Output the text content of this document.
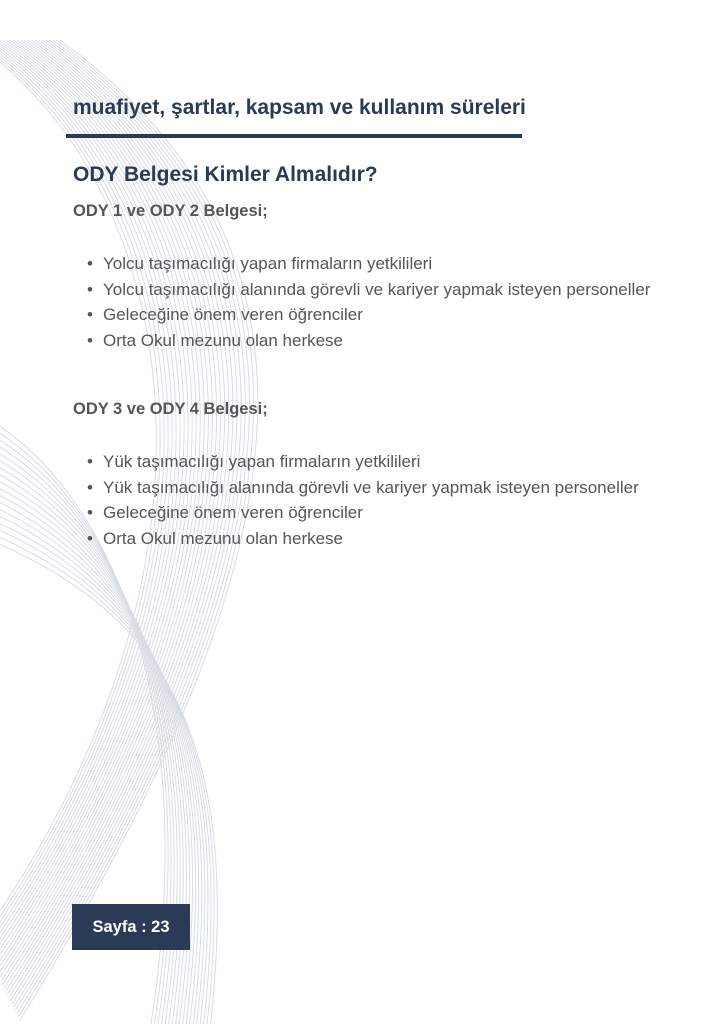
muafiyet, şartlar, kapsam ve kullanım süreleri
ODY Belgesi Kimler Almalıdır?
ODY 1 ve ODY 2 Belgesi;
• Yolcu taşımacılığı yapan firmaların yetkilileri
• Yolcu taşımacılığı alanında görevli ve kariyer yapmak isteyen personeller
• Geleceğine önem veren öğrenciler
• Orta Okul mezunu olan herkese
ODY 3 ve ODY 4 Belgesi;
• Yük taşımacılığı yapan firmaların yetkilileri
• Yük taşımacılığı alanında görevli ve kariyer yapmak isteyen personeller
• Geleceğine önem veren öğrenciler
• Orta Okul mezunu olan herkese
Sayfa : 23
